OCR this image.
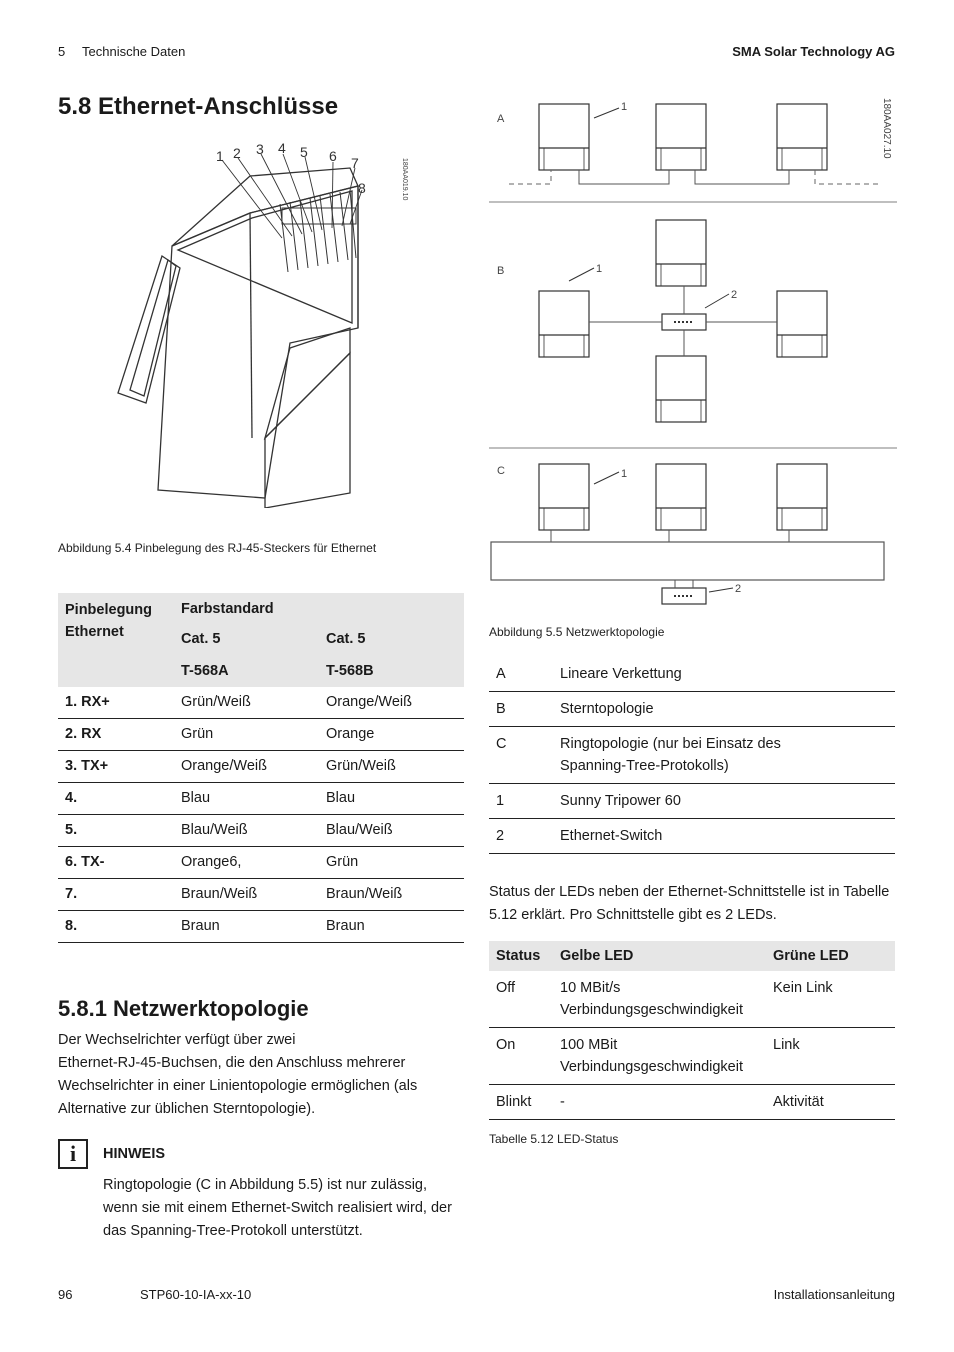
5 Technische Daten	SMA Solar Technology AG
5.8 Ethernet-Anschlüsse
1 2 3 4 5 6 7
8	180AA019.10
Abbildung 5.4 Pinbelegung des RJ-45-Steckers für Ethernet
Pinbelegung Ethernet	Farbstandard	
	Cat. 5	Cat. 5
	T-568A	T-568B
1. RX+	Grün/Weiß	Orange/Weiß
2. RX	Grün	Orange
3. TX+	Orange/Weiß	Grün/Weiß
4.	Blau	Blau
5.	Blau/Weiß	Blau/Weiß
6. TX-	Orange6,	Grün
7.	Braun/Weiß	Braun/Weiß
8.	Braun	Braun
5.8.1 Netzwerktopologie
Der Wechselrichter verfügt über zwei
Ethernet-RJ-45-Buchsen, die den Anschluss mehrerer
Wechselrichter in einer Linientopologie ermöglichen (als
Alternative zur üblichen Sterntopologie).
i	HINWEIS
Ringtopologie (C in Abbildung 5.5) ist nur zulässig,
wenn sie mit einem Ethernet-Switch realisiert wird, der
das Spanning-Tree-Protokoll unterstützt.
A
1	180AA027.10
B	1
2
C	1
2
Abbildung 5.5 Netzwerktopologie
A	Lineare Verkettung
B	Sterntopologie
C	Ringtopologie (nur bei Einsatz des Spanning-Tree-Protokolls)
1	Sunny Tripower 60
2	Ethernet-Switch
Status der LEDs neben der Ethernet-Schnittstelle ist in Tabelle
5.12 erklärt. Pro Schnittstelle gibt es 2 LEDs.
Status	Gelbe LED	Grüne LED
Off	10 MBit/s Verbindungsgeschwindigkeit	Kein Link
On	100 MBit Verbindungsgeschwindigkeit	Link
Blinkt	-	Aktivität
Tabelle 5.12 LED-Status
96	STP60-10-IA-xx-10	Installationsanleitung
